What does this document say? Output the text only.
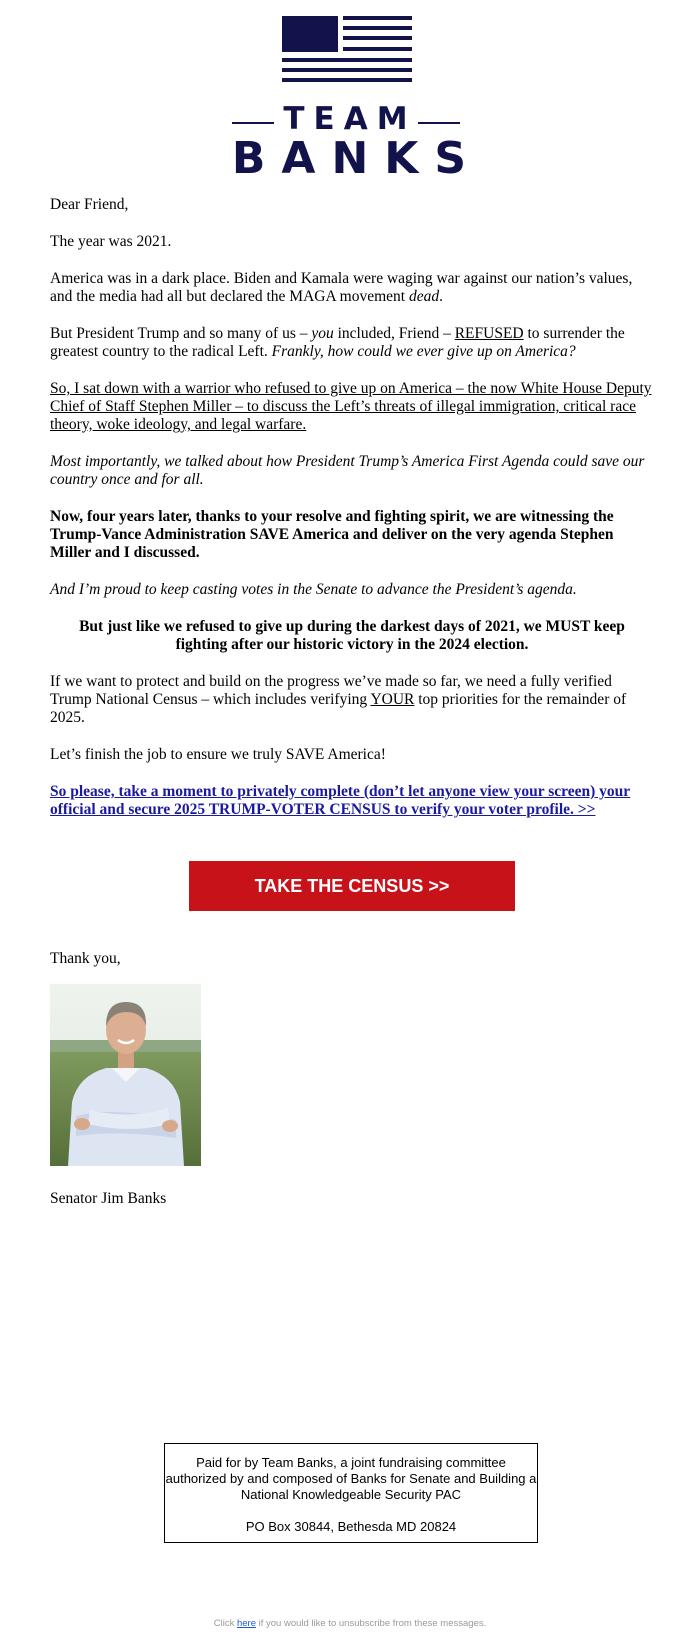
TEAM
BANKS

Dear Friend,

The year was 2021.

America was in a dark place. Biden and Kamala were waging war against our nation’s values, and the media had all but declared the MAGA movement dead.

But President Trump and so many of us – you included, Friend – REFUSED to surrender the greatest country to the radical Left. Frankly, how could we ever give up on America?

So, I sat down with a warrior who refused to give up on America – the now White House Deputy Chief of Staff Stephen Miller – to discuss the Left’s threats of illegal immigration, critical race theory, woke ideology, and legal warfare.

Most importantly, we talked about how President Trump’s America First Agenda could save our country once and for all.

Now, four years later, thanks to your resolve and fighting spirit, we are witnessing the Trump-Vance Administration SAVE America and deliver on the very agenda Stephen Miller and I discussed.

And I’m proud to keep casting votes in the Senate to advance the President’s agenda.

But just like we refused to give up during the darkest days of 2021, we MUST keep fighting after our historic victory in the 2024 election.

If we want to protect and build on the progress we’ve made so far, we need a fully verified Trump National Census – which includes verifying YOUR top priorities for the remainder of 2025.

Let’s finish the job to ensure we truly SAVE America!

So please, take a moment to privately complete (don’t let anyone view your screen) your official and secure 2025 TRUMP-VOTER CENSUS to verify your voter profile. >>

TAKE THE CENSUS >>
Thank you,
Senator Jim Banks
Paid for by Team Banks, a joint fundraising committee authorized by and composed of Banks for Senate and Building a National Knowledgeable Security PAC
PO Box 30844, Bethesda MD 20824
Click here if you would like to unsubscribe from these messages.
